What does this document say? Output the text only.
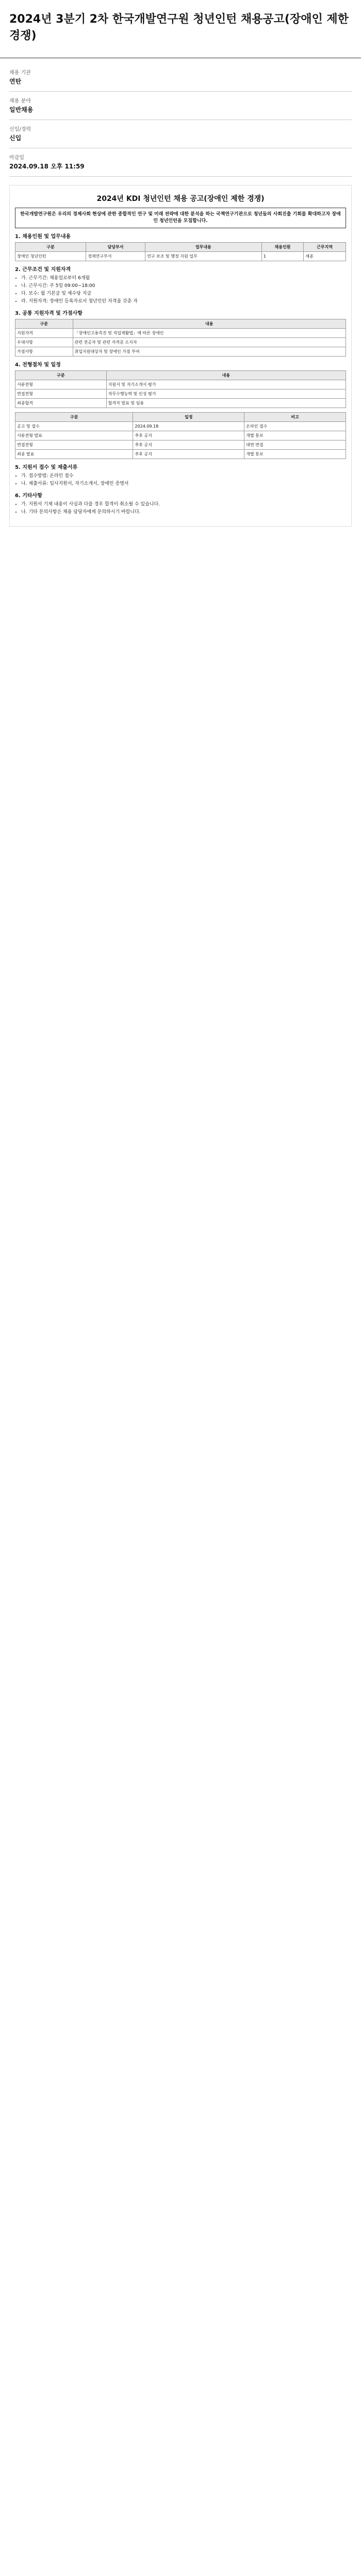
2024년 3분기 2차 한국개발연구원 청년인턴 채용공고(장애인 제한 경쟁)
채용 기관
연탄
채용 분야
일반채용
신입/경력
신입
마감일
2024.09.18 오후 11:59
2024년 KDI 청년인턴 채용 공고(장애인 제한 경쟁)
한국개발연구원은 우리의 경제사회 현상에 관한 종합적인 연구 및 미래 전략에 대한 분석을 하는 국책연구기관으로 청년들의 사회진출 기회를 확대하고자 장애인 청년인턴을 모집합니다.
1. 채용인원 및 업무내용
구분	담당부서	업무내용	채용인원	근무지역
장애인 청년인턴	경제연구부서	연구 보조 및 행정 지원 업무	1	세종
2. 근무조건 및 지원자격
• 가. 근무기간: 채용일로부터 6개월
• 나. 근무시간: 주 5일 09:00~18:00
• 다. 보수: 월 기본급 및 제수당 지급
• 라. 지원자격: 장애인 등록자로서 청년인턴 자격을 갖춘 자
3. 공통 지원자격 및 가점사항
구분	내용
지원자격	「장애인고용촉진 및 직업재활법」에 따른 장애인
우대사항	관련 전공자 및 관련 자격증 소지자
가점사항	취업지원대상자 및 장애인 가점 부여
4. 전형절차 및 일정
구분	내용
서류전형	지원서 및 자기소개서 평가
면접전형	직무수행능력 및 인성 평가
최종합격	합격자 발표 및 임용
구분	일정	비고
공고 및 접수	2024.09.18	온라인 접수
서류전형 발표	추후 공지	개별 통보
면접전형	추후 공지	대면 면접
최종 발표	추후 공지	개별 통보
5. 지원서 접수 및 제출서류
• 가. 접수방법: 온라인 접수
• 나. 제출서류: 입사지원서, 자기소개서, 장애인 증명서
6. 기타사항
• 가. 지원서 기재 내용이 사실과 다를 경우 합격이 취소될 수 있습니다.
• 나. 기타 문의사항은 채용 담당자에게 문의하시기 바랍니다.
